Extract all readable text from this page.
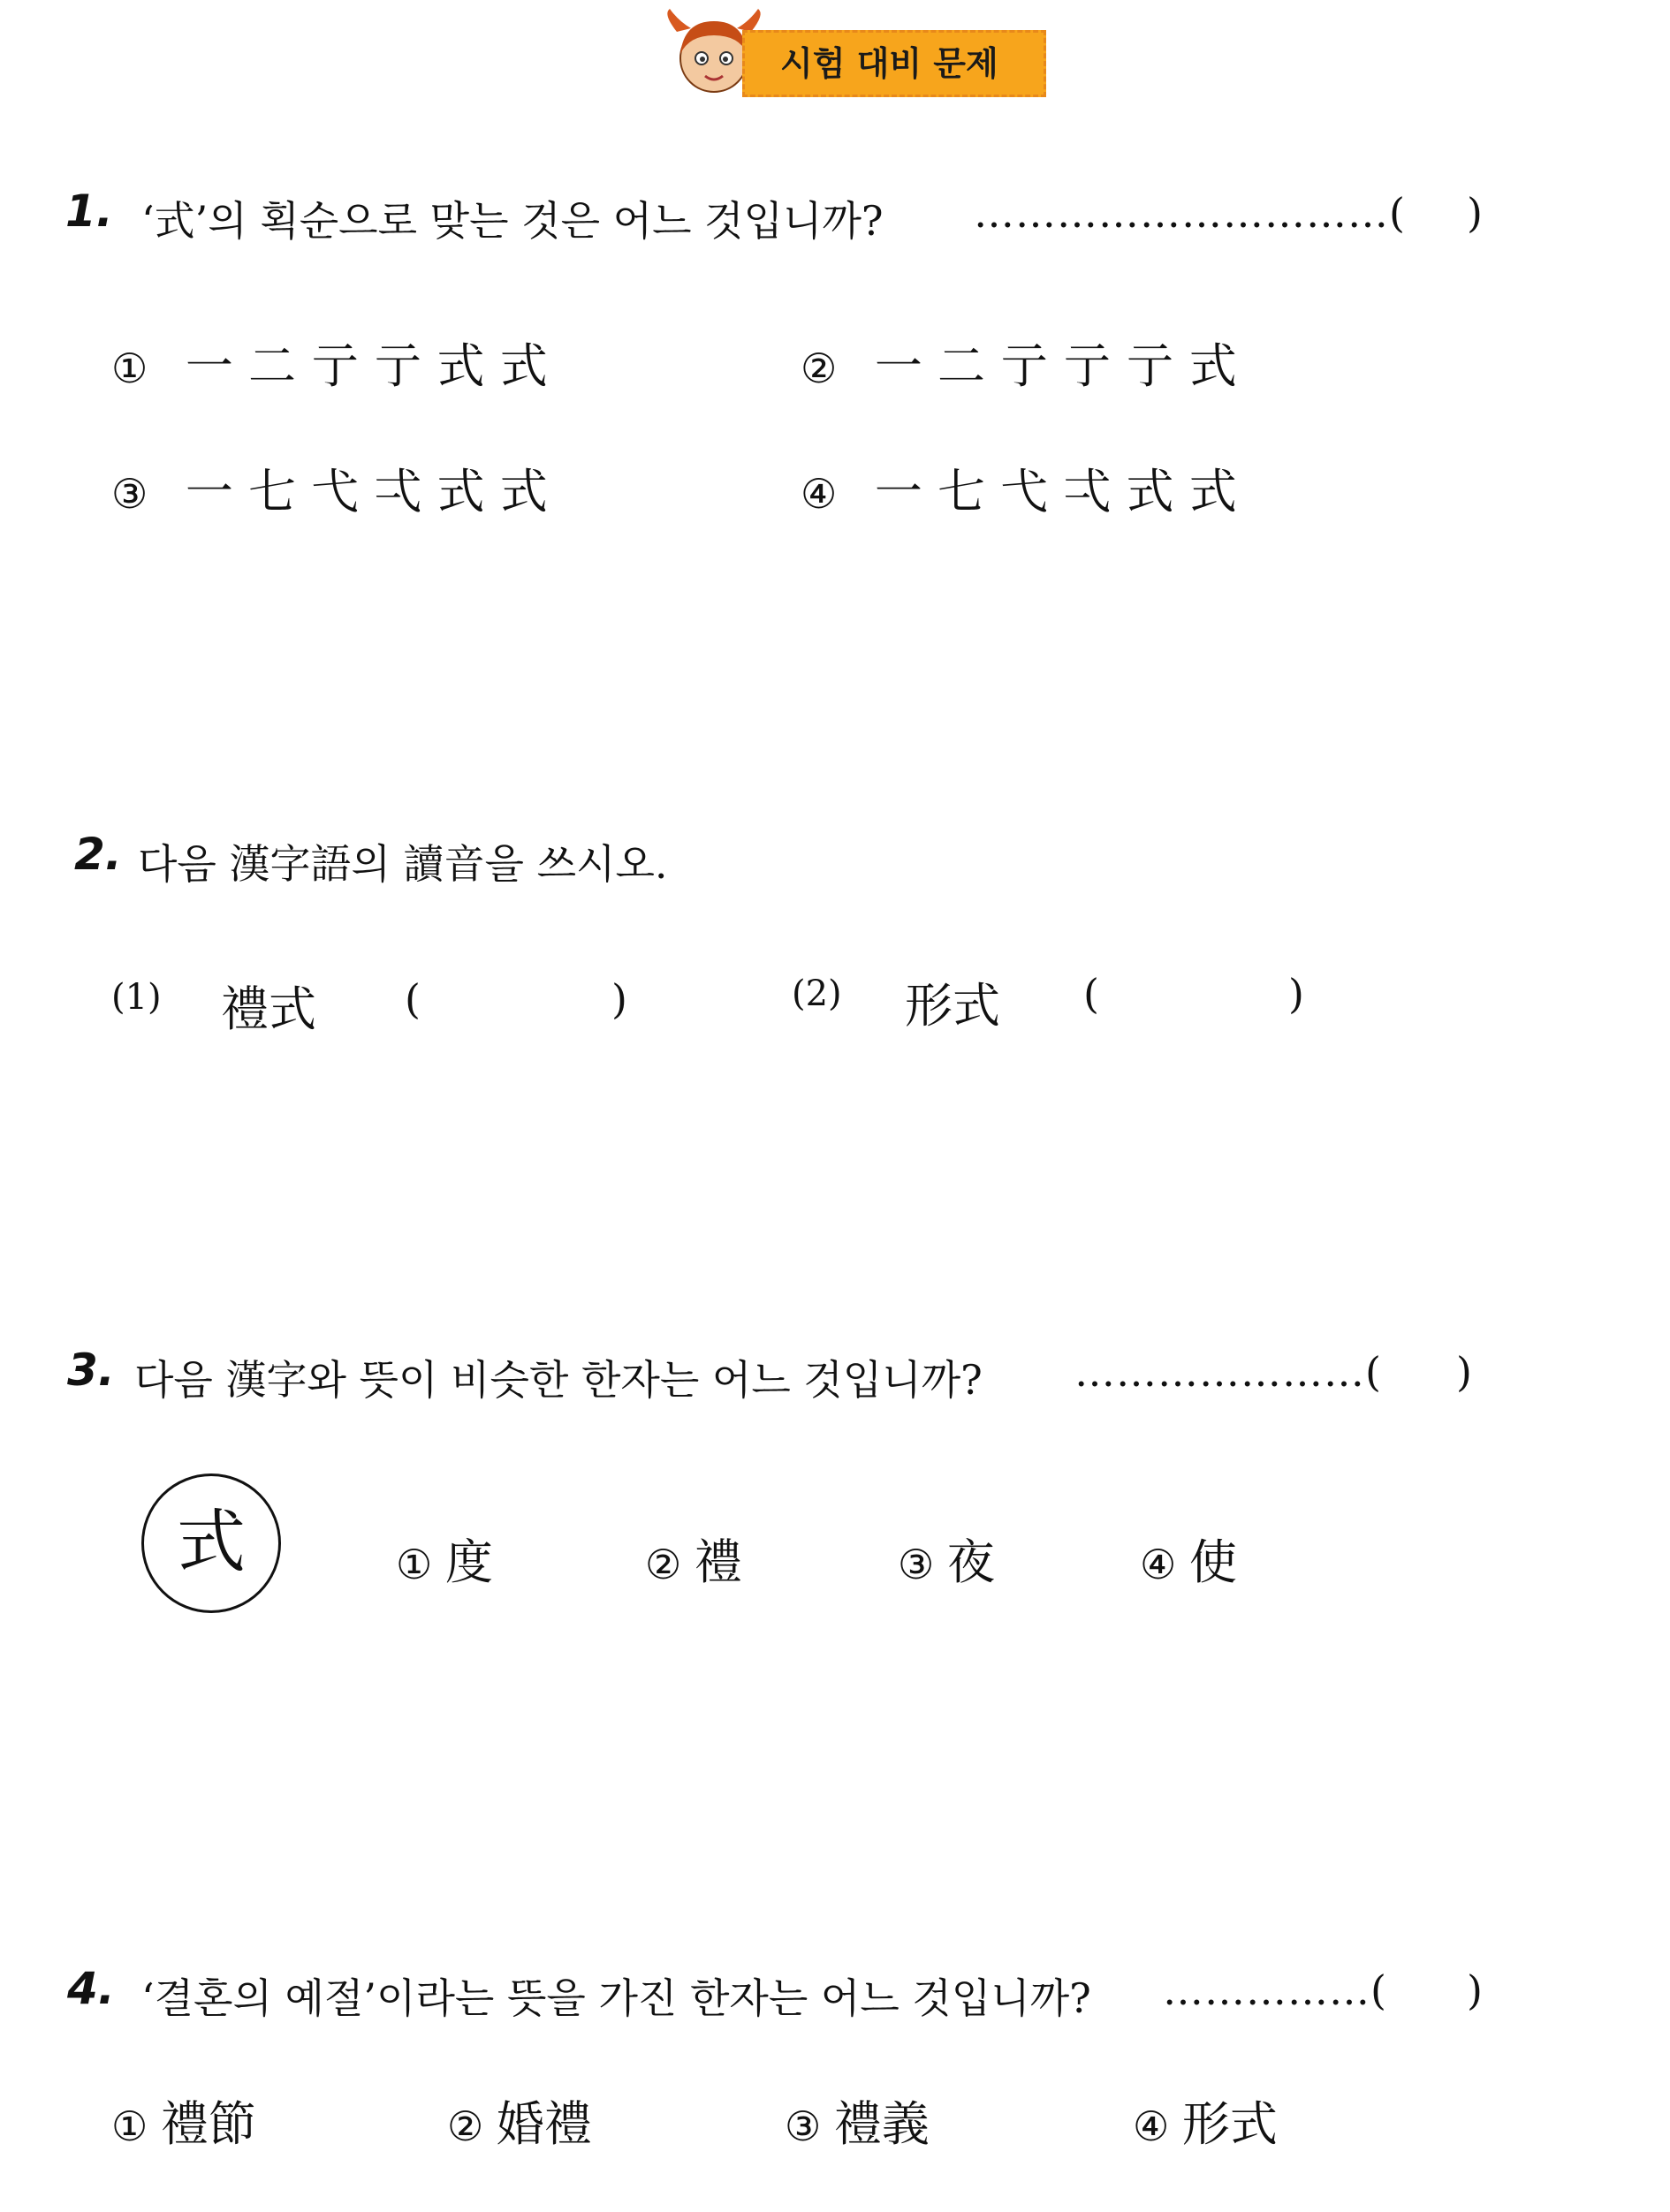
시험 대비 문제
1. ‘式’의 획순으로 맞는 것은 어느 것입니까? …………………………( )
① 一 二 亍 亍 式 式	② 一 二 亍 亍 亍 式
③ 一 七 弋 弌 式 式	④ 一 七 弋 弌 式 式
2. 다음 漢字語의 讀音을 쓰시오.
(1) 禮式 (	)	(2) 形式 (	)
3. 다음 漢字와 뜻이 비슷한 한자는 어느 것입니까? …………………( )
式	① 度	② 禮	③ 夜	④ 使
4. ‘결혼의 예절’이라는 뜻을 가진 한자는 어느 것입니까? ……………( )
① 禮節	② 婚禮	③ 禮義	④ 形式
